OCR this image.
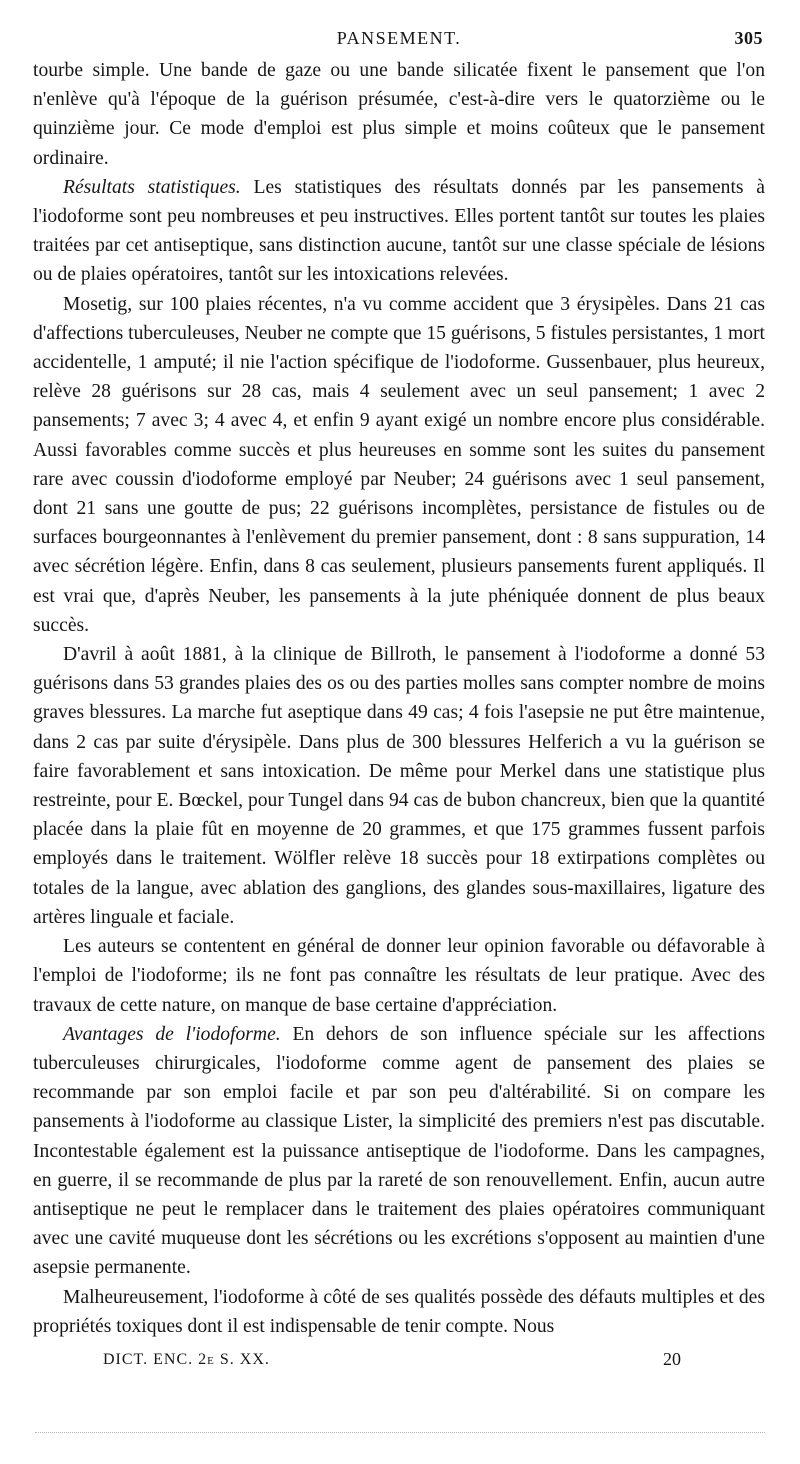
PANSEMENT.	305

tourbe simple. Une bande de gaze ou une bande silicatée fixent le pansement que l'on n'enlève qu'à l'époque de la guérison présumée, c'est-à-dire vers le quatorzième ou le quinzième jour. Ce mode d'emploi est plus simple et moins coûteux que le pansement ordinaire.

Résultats statistiques. Les statistiques des résultats donnés par les pansements à l'iodoforme sont peu nombreuses et peu instructives. Elles portent tantôt sur toutes les plaies traitées par cet antiseptique, sans distinction aucune, tantôt sur une classe spéciale de lésions ou de plaies opératoires, tantôt sur les intoxications relevées.

Mosetig, sur 100 plaies récentes, n'a vu comme accident que 3 érysipèles. Dans 21 cas d'affections tuberculeuses, Neuber ne compte que 15 guérisons, 5 fistules persistantes, 1 mort accidentelle, 1 amputé; il nie l'action spécifique de l'iodoforme. Gussenbauer, plus heureux, relève 28 guérisons sur 28 cas, mais 4 seulement avec un seul pansement; 1 avec 2 pansements; 7 avec 3; 4 avec 4, et enfin 9 ayant exigé un nombre encore plus considérable. Aussi favorables comme succès et plus heureuses en somme sont les suites du pansement rare avec coussin d'iodoforme employé par Neuber; 24 guérisons avec 1 seul pansement, dont 21 sans une goutte de pus; 22 guérisons incomplètes, persistance de fistules ou de surfaces bourgeonnantes à l'enlèvement du premier pansement, dont : 8 sans suppuration, 14 avec sécrétion légère. Enfin, dans 8 cas seulement, plusieurs pansements furent appliqués. Il est vrai que, d'après Neuber, les pansements à la jute phéniquée donnent de plus beaux succès.

D'avril à août 1881, à la clinique de Billroth, le pansement à l'iodoforme a donné 53 guérisons dans 53 grandes plaies des os ou des parties molles sans compter nombre de moins graves blessures. La marche fut aseptique dans 49 cas; 4 fois l'asepsie ne put être maintenue, dans 2 cas par suite d'érysipèle. Dans plus de 300 blessures Helferich a vu la guérison se faire favorablement et sans intoxication. De même pour Merkel dans une statistique plus restreinte, pour E. Bœckel, pour Tungel dans 94 cas de bubon chancreux, bien que la quantité placée dans la plaie fût en moyenne de 20 grammes, et que 175 grammes fussent parfois employés dans le traitement. Wölfler relève 18 succès pour 18 extirpations complètes ou totales de la langue, avec ablation des ganglions, des glandes sous-maxillaires, ligature des artères linguale et faciale.

Les auteurs se contentent en général de donner leur opinion favorable ou défavorable à l'emploi de l'iodoforme; ils ne font pas connaître les résultats de leur pratique. Avec des travaux de cette nature, on manque de base certaine d'appréciation.

Avantages de l'iodoforme. En dehors de son influence spéciale sur les affections tuberculeuses chirurgicales, l'iodoforme comme agent de pansement des plaies se recommande par son emploi facile et par son peu d'altérabilité. Si on compare les pansements à l'iodoforme au classique Lister, la simplicité des premiers n'est pas discutable. Incontestable également est la puissance antiseptique de l'iodoforme. Dans les campagnes, en guerre, il se recommande de plus par la rareté de son renouvellement. Enfin, aucun autre antiseptique ne peut le remplacer dans le traitement des plaies opératoires communiquant avec une cavité muqueuse dont les sécrétions ou les excrétions s'opposent au maintien d'une asepsie permanente.

Malheureusement, l'iodoforme à côté de ses qualités possède des défauts multiples et des propriétés toxiques dont il est indispensable de tenir compte. Nous

DICT. ENC. 2e S. XX.	20
